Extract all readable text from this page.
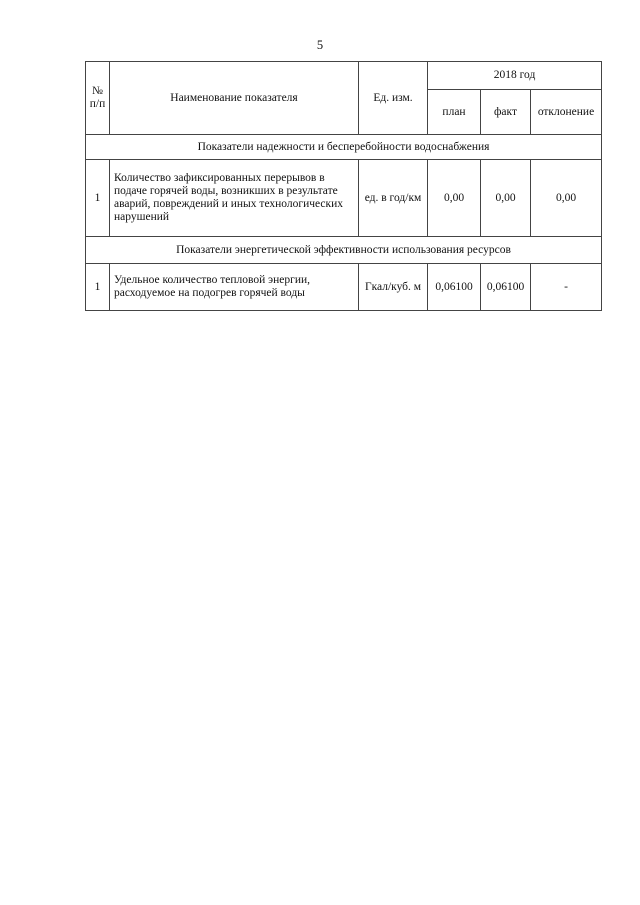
5
№ п/п	Наименование показателя	Ед. изм.	2018 год		
			план	факт	отклонение
Показатели надежности и бесперебойности водоснабжения					
1	Количество зафиксированных перерывов в подаче горячей воды, возникших в результате аварий, повреждений и иных технологических нарушений	ед. в год/км	0,00	0,00	0,00
Показатели энергетической эффективности использования ресурсов					
1	Удельное количество тепловой энергии, расходуемое на подогрев горячей воды	Гкал/куб. м	0,06100	0,06100	-
